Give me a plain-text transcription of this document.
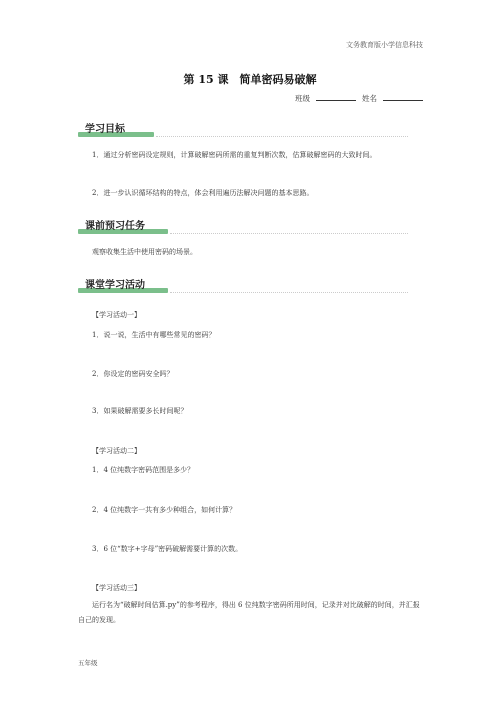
文务教育版小学信息科技
第 15 课　简单密码易破解
班级	姓名
学习目标
1．通过分析密码设定规则，计算破解密码所需的重复判断次数，估算破解密码的大致时间。
2．进一步认识循环结构的特点，体会利用遍历法解决问题的基本思路。
课前预习任务
观察收集生活中使用密码的场景。
课堂学习活动
【学习活动一】
1．说一说，生活中有哪些常见的密码？
2．你设定的密码安全吗？
3．如果破解需要多长时间呢？
【学习活动二】
1．4 位纯数字密码范围是多少？
2．4 位纯数字一共有多少种组合，如何计算？
3．6 位“数字+字母”密码破解需要计算的次数。
【学习活动三】
运行名为“破解时间估算.py”的参考程序，得出 6 位纯数字密码所用时间，记录并对比破解的时间，并汇报自己的发现。
五年级
